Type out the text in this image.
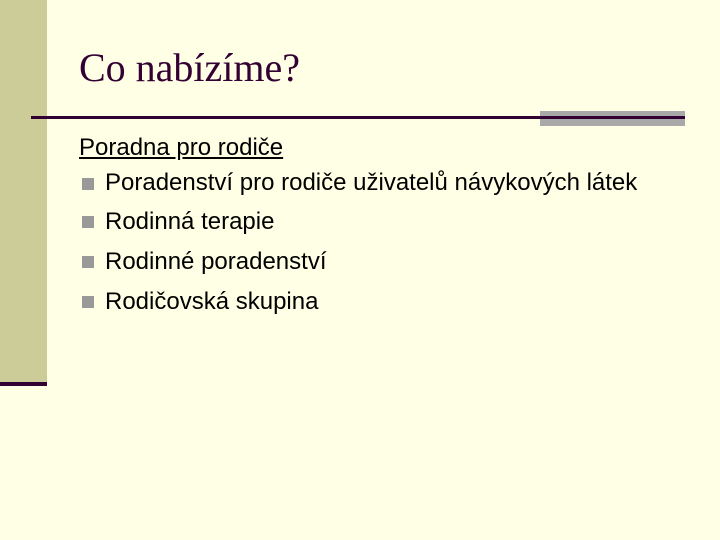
Co nabízíme?
Poradna pro rodiče
Poradenství pro rodiče uživatelů návykových látek
Rodinná terapie
Rodinné poradenství
Rodičovská skupina
